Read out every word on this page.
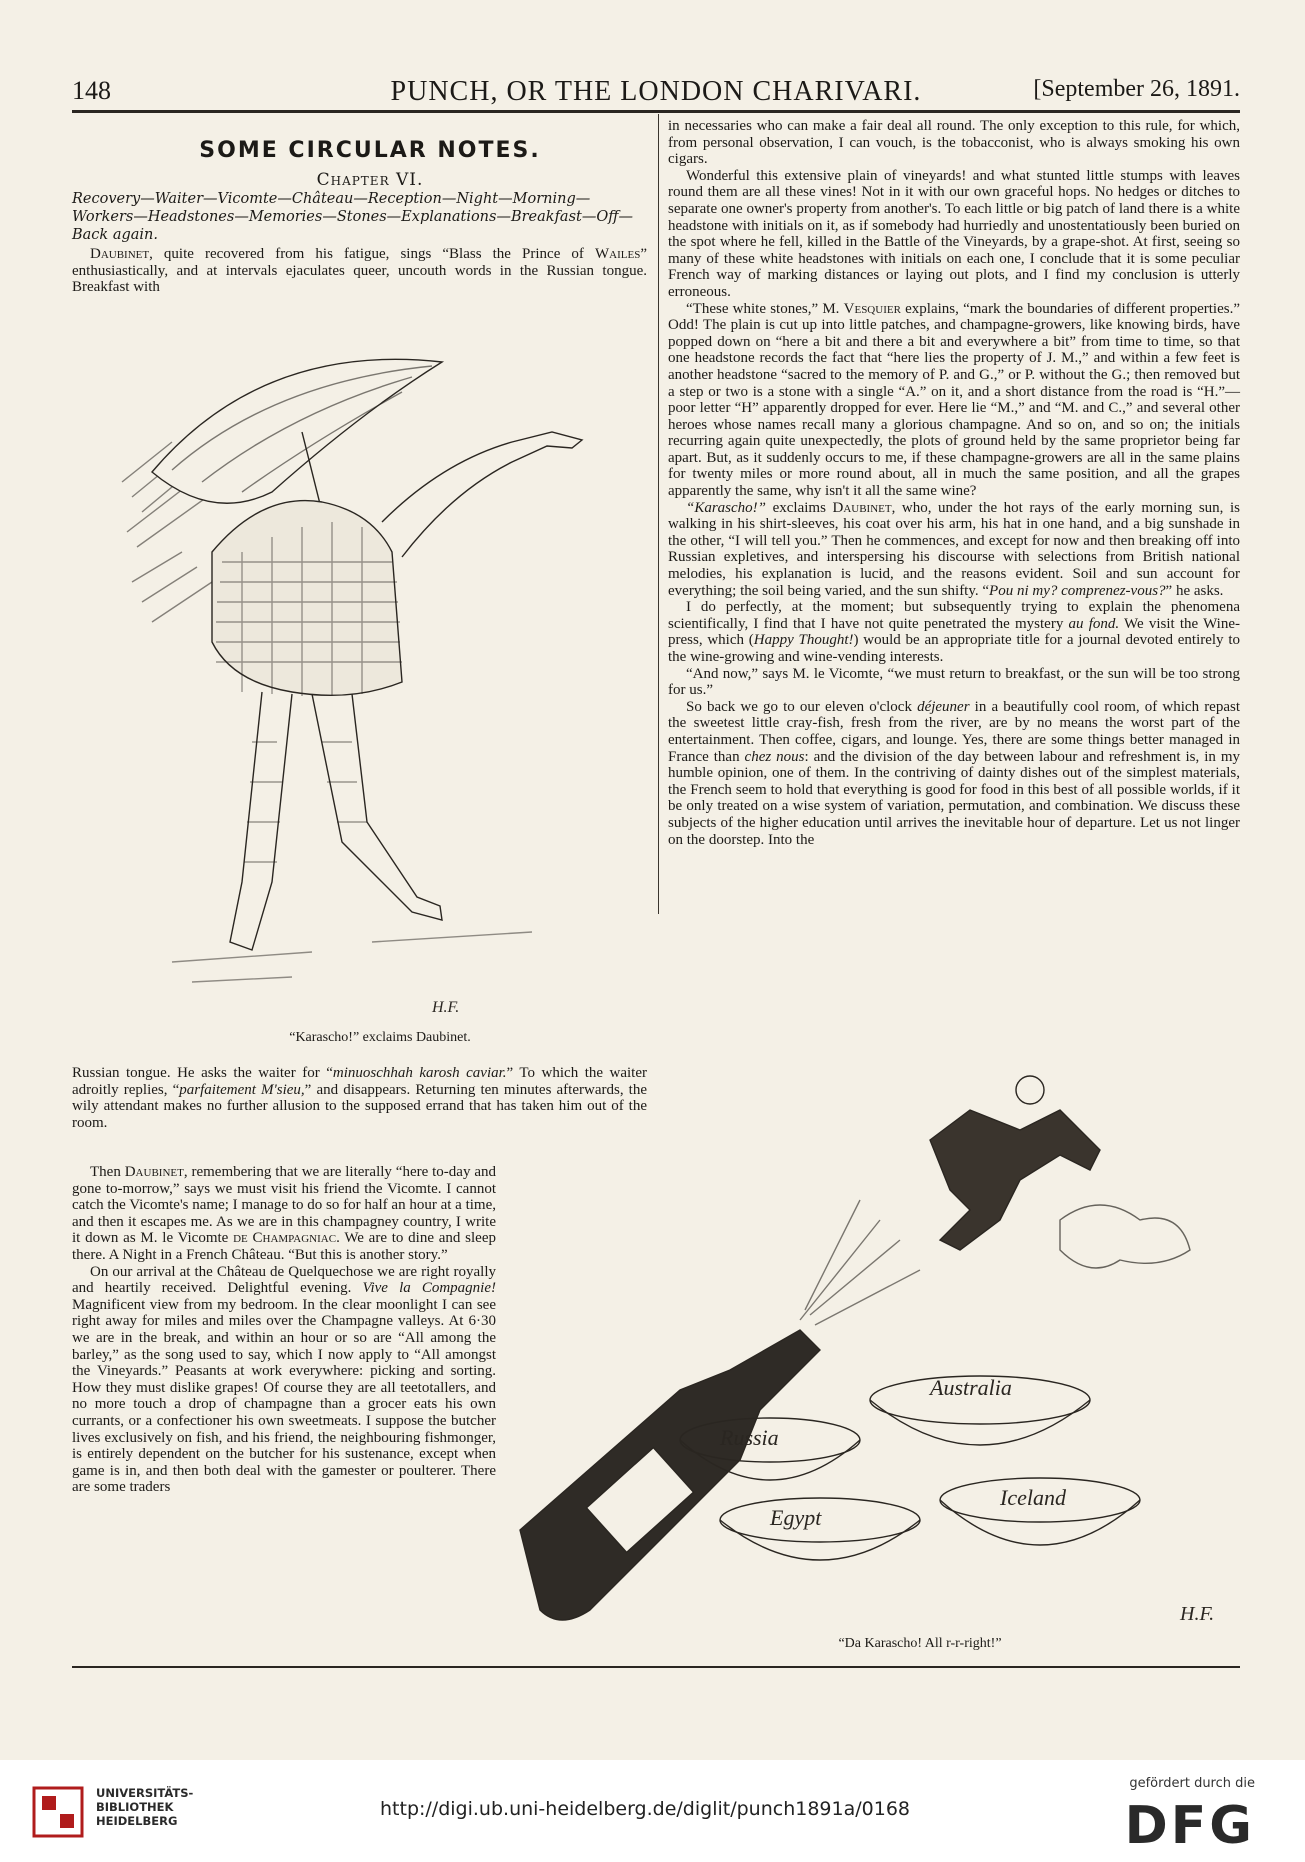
148	PUNCH, OR THE LONDON CHARIVARI.	[September 26, 1891.
SOME CIRCULAR NOTES.
Chapter VI.
Recovery—Waiter—Vicomte—Château—Reception—Night—Morning—Workers—Headstones—Memories—Stones—Explanations—Breakfast—Off—Back again.

Daubinet, quite recovered from his fatigue, sings “Blass the Prince of Wailes” enthusiastically, and at intervals ejaculates queer, uncouth words in the Russian tongue. Breakfast with

H.F.
“Karascho!” exclaims Daubinet.

Russian tongue. He asks the waiter for “minuoschhah karosh caviar.” To which the waiter adroitly replies, “parfaitement M'sieu,” and disappears. Returning ten minutes afterwards, the wily attendant makes no further allusion to the supposed errand that has taken him out of the room.

Then Daubinet, remembering that we are literally “here to-day and gone to-morrow,” says we must visit his friend the Vicomte. I cannot catch the Vicomte's name; I manage to do so for half an hour at a time, and then it escapes me. As we are in this champagney country, I write it down as M. le Vicomte de Champagniac. We are to dine and sleep there. A Night in a French Château. “But this is another story.”

On our arrival at the Château de Quelquechose we are right royally and heartily received. Delightful evening. Vive la Compagnie! Magnificent view from my bedroom. In the clear moonlight I can see right away for miles and miles over the Champagne valleys. At 6·30 we are in the break, and within an hour or so are “All among the barley,” as the song used to say, which I now apply to “All amongst the Vineyards.” Peasants at work everywhere: picking and sorting. How they must dislike grapes! Of course they are all teetotallers, and no more touch a drop of champagne than a grocer eats his own currants, or a confectioner his own sweetmeats. I suppose the butcher lives exclusively on fish, and his friend, the neighbouring fishmonger, is entirely dependent on the butcher for his sustenance, except when game is in, and then both deal with the gamester or poulterer. There are some traders

in necessaries who can make a fair deal all round. The only exception to this rule, for which, from personal observation, I can vouch, is the tobacconist, who is always smoking his own cigars.

Wonderful this extensive plain of vineyards! and what stunted little stumps with leaves round them are all these vines! Not in it with our own graceful hops. No hedges or ditches to separate one owner's property from another's. To each little or big patch of land there is a white headstone with initials on it, as if somebody had hurriedly and unostentatiously been buried on the spot where he fell, killed in the Battle of the Vineyards, by a grape-shot. At first, seeing so many of these white headstones with initials on each one, I conclude that it is some peculiar French way of marking distances or laying out plots, and I find my conclusion is utterly erroneous.

“These white stones,” M. Vesquier explains, “mark the boundaries of different properties.” Odd! The plain is cut up into little patches, and champagne-growers, like knowing birds, have popped down on “here a bit and there a bit and everywhere a bit” from time to time, so that one headstone records the fact that “here lies the property of J. M.,” and within a few feet is another headstone “sacred to the memory of P. and G.,” or P. without the G.; then removed but a step or two is a stone with a single “A.” on it, and a short distance from the road is “H.”—poor letter “H” apparently dropped for ever. Here lie “M.,” and “M. and C.,” and several other heroes whose names recall many a glorious champagne. And so on, and so on; the initials recurring again quite unexpectedly, the plots of ground held by the same proprietor being far apart. But, as it suddenly occurs to me, if these champagne-growers are all in the same plains for twenty miles or more round about, all in much the same position, and all the grapes apparently the same, why isn't it all the same wine?

“Karascho!” exclaims Daubinet, who, under the hot rays of the early morning sun, is walking in his shirt-sleeves, his coat over his arm, his hat in one hand, and a big sunshade in the other, “I will tell you.” Then he commences, and except for now and then breaking off into Russian expletives, and interspersing his discourse with selections from British national melodies, his explanation is lucid, and the reasons evident. Soil and sun account for everything; the soil being varied, and the sun shifty. “Pou ni my? comprenez-vous?” he asks.

I do perfectly, at the moment; but subsequently trying to explain the phenomena scientifically, I find that I have not quite penetrated the mystery au fond. We visit the Wine-press, which (Happy Thought!) would be an appropriate title for a journal devoted entirely to the wine-growing and wine-vending interests.

“And now,” says M. le Vicomte, “we must return to breakfast, or the sun will be too strong for us.”

So back we go to our eleven o'clock déjeuner in a beautifully cool room, of which repast the sweetest little cray-fish, fresh from the river, are by no means the worst part of the entertainment. Then coffee, cigars, and lounge. Yes, there are some things better managed in France than chez nous: and the division of the day between labour and refreshment is, in my humble opinion, one of them. In the contriving of dainty dishes out of the simplest materials, the French seem to hold that everything is good for food in this best of all possible worlds, if it be only treated on a wise system of variation, permutation, and combination. We discuss these subjects of the higher education until arrives the inevitable hour of departure. Let us not linger on the doorstep. Into the

Australia
Russia
Egypt
Iceland
H.F.
“Da Karascho! All r-r-right!”
UNIVERSITÄTS-
BIBLIOTHEK
HEIDELBERG
http://digi.ub.uni-heidelberg.de/diglit/punch1891a/0168
gefördert durch die
DFG
